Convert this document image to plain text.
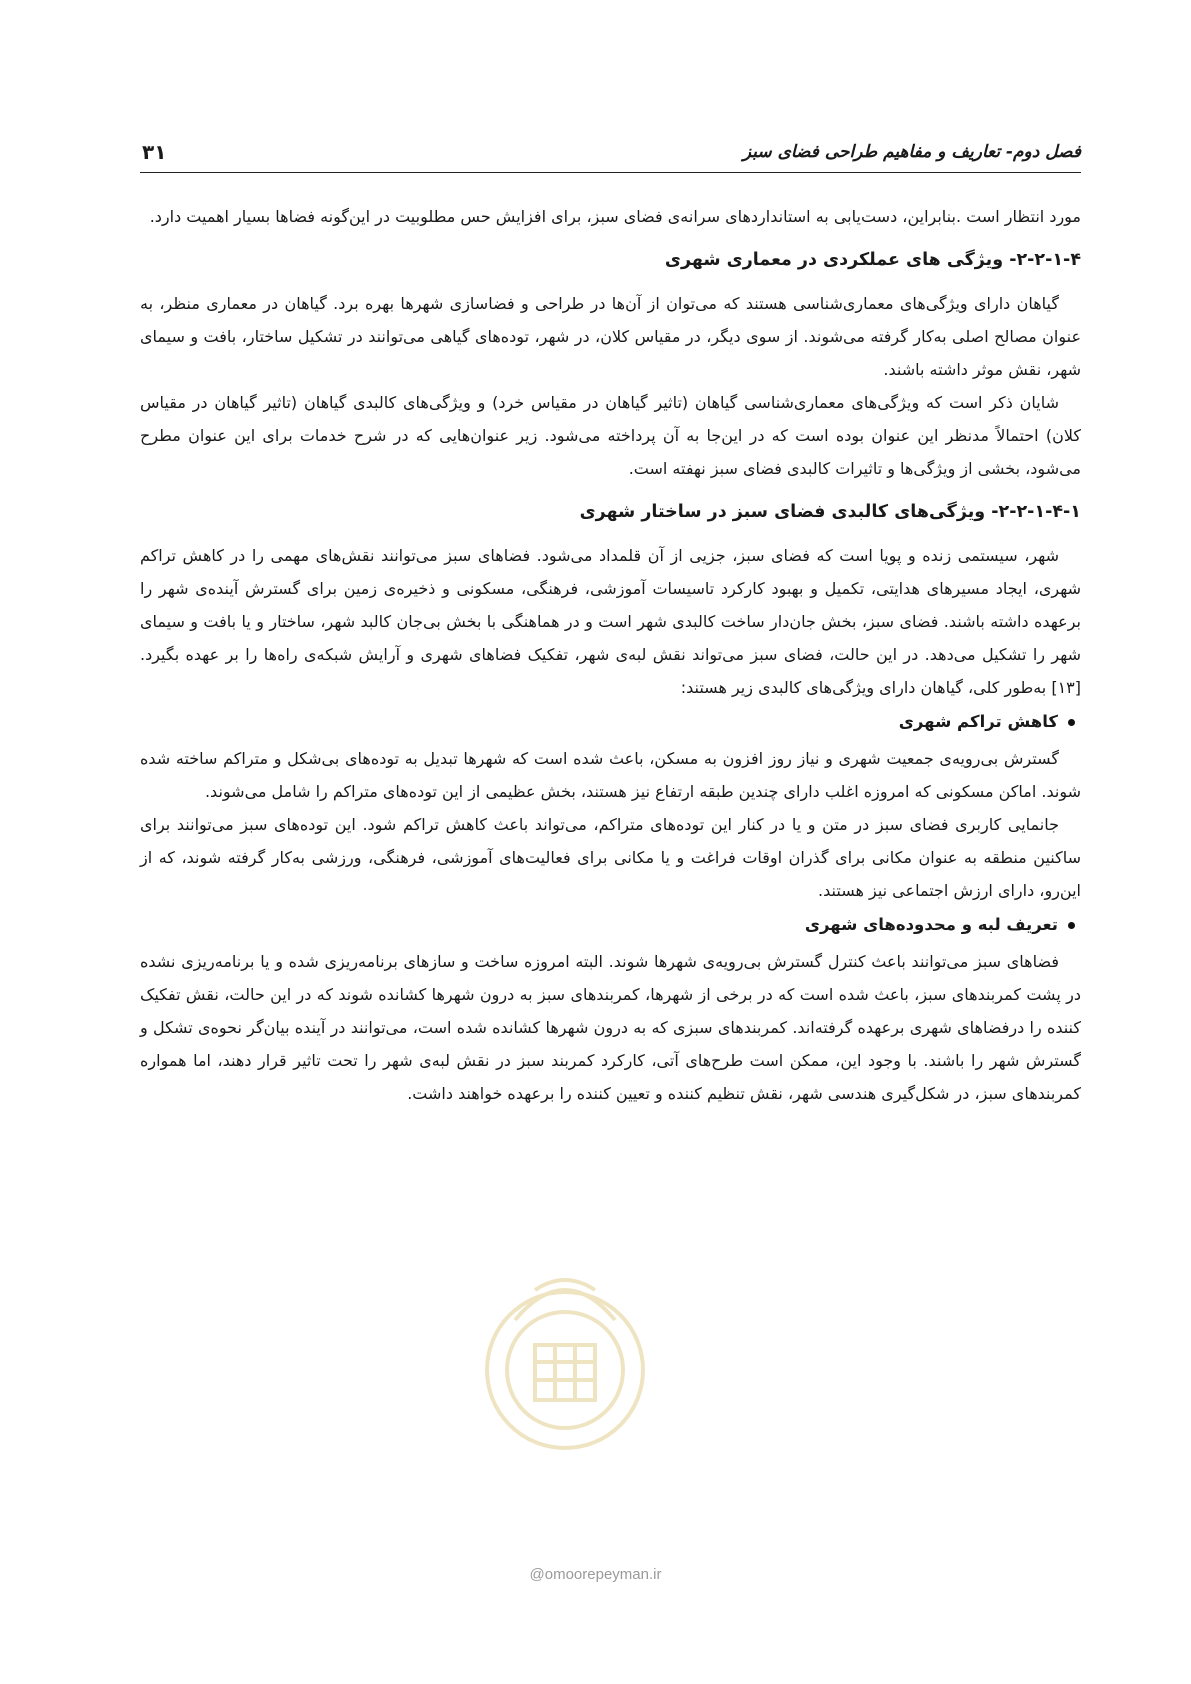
فصل دوم- تعاریف و مفاهیم طراحی فضای سبز
۳۱

مورد انتظار است .بنابراین، دست‌یابی به استانداردهای سرانه‌ی فضای سبز، برای افزایش حس مطلوبیت در این‌گونه فضاها بسیار اهمیت دارد.

۲-۲-۱-۴- ویژگی های عملکردی در معماری شهری

گیاهان دارای ویژگی‌های معماری‌شناسی هستند که می‌توان از آن‌ها در طراحی و فضاسازی شهرها بهره برد. گیاهان در معماری منظر، به عنوان مصالح اصلی به‌کار گرفته می‌شوند. از سوی دیگر، در مقیاس کلان، در شهر، توده‌های گیاهی می‌توانند در تشکیل ساختار، بافت و سیمای شهر، نقش موثر داشته باشند.

شایان ذکر است که ویژگی‌های معماری‌شناسی گیاهان (تاثیر گیاهان در مقیاس خرد) و ویژگی‌های کالبدی گیاهان (تاثیر گیاهان در مقیاس کلان) احتمالاً مدنظر این عنوان بوده است که در این‌جا به آن پرداخته می‌شود. زیر عنوان‌هایی که در شرح خدمات برای این عنوان مطرح می‌شود، بخشی از ویژگی‌ها و تاثیرات کالبدی فضای سبز نهفته است.

۲-۲-۱-۴-۱- ویژگی‌های کالبدی فضای سبز در ساختار شهری

شهر، سیستمی زنده و پویا است که فضای سبز، جزیی از آن قلمداد می‌شود. فضاهای سبز می‌توانند نقش‌های مهمی را در کاهش تراکم شهری، ایجاد مسیرهای هدایتی، تکمیل و بهبود کارکرد تاسیسات آموزشی، فرهنگی، مسکونی و ذخیره‌ی زمین برای گسترش آینده‌ی شهر را برعهده داشته باشند. فضای سبز، بخش جان‌دار ساخت کالبدی شهر است و در هماهنگی با بخش بی‌جان کالبد شهر، ساختار و یا بافت و سیمای شهر را تشکیل می‌دهد. در این حالت، فضای سبز می‌تواند نقش لبه‌ی شهر، تفکیک فضاهای شهری و آرایش شبکه‌ی راه‌ها را بر عهده بگیرد. [۱۳] به‌طور کلی، گیاهان دارای ویژگی‌های کالبدی زیر هستند:

کاهش تراکم شهری

گسترش بی‌رویه‌ی جمعیت شهری و نیاز روز افزون به مسکن، باعث شده است که شهرها تبدیل به توده‌های بی‌شکل و متراکم ساخته شده شوند. اماکن مسکونی که امروزه اغلب دارای چندین طبقه ارتفاع نیز هستند، بخش عظیمی از این توده‌های متراکم را شامل می‌شوند.

جانمایی کاربری فضای سبز در متن و یا در کنار این توده‌های متراکم، می‌تواند باعث کاهش تراکم شود. این توده‌های سبز می‌توانند برای ساکنین منطقه به عنوان مکانی برای گذران اوقات فراغت و یا مکانی برای فعالیت‌های آموزشی، فرهنگی، ورزشی به‌کار گرفته شوند، که از این‌رو، دارای ارزش اجتماعی نیز هستند.

تعریف لبه و محدوده‌های شهری

فضاهای سبز می‌توانند باعث کنترل گسترش بی‌رویه‌ی شهرها شوند. البته امروزه ساخت و سازهای برنامه‌ریزی شده و یا برنامه‌ریزی نشده در پشت کمربندهای سبز، باعث شده است که در برخی از شهرها، کمربندهای سبز به درون شهرها کشانده شوند که در این حالت، نقش تفکیک کننده را درفضاهای شهری برعهده گرفته‌اند. کمربندهای سبزی که به درون شهرها کشانده شده است، می‌توانند در آینده بیان‌گر نحوه‌ی تشکل و گسترش شهر را باشند. با وجود این، ممکن است طرح‌های آتی، کارکرد کمربند سبز در نقش لبه‌ی شهر را تحت تاثیر قرار دهند، اما همواره کمربندهای سبز، در شکل‌گیری هندسی شهر، نقش تنظیم کننده و تعیین کننده را برعهده خواهند داشت.

@omoorepeyman.ir
